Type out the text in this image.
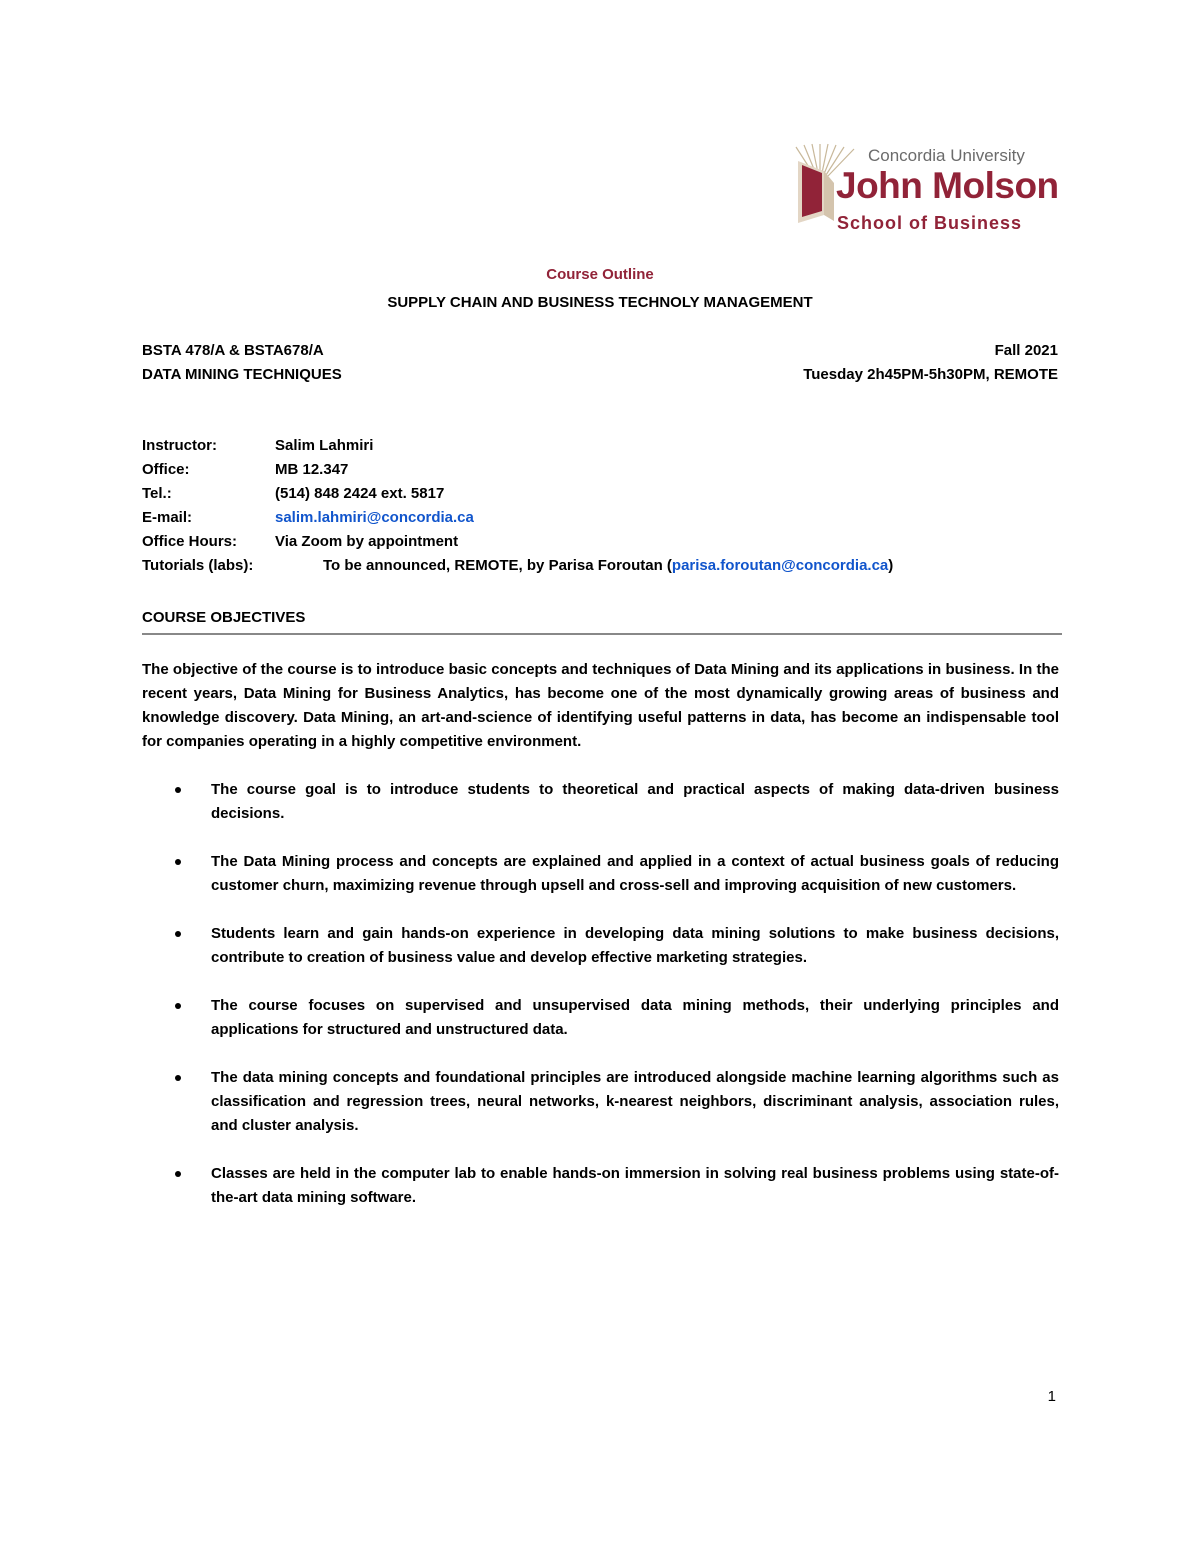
Concordia University
John Molson
School of Business
Course Outline
SUPPLY CHAIN AND BUSINESS TECHNOLY MANAGEMENT
BSTA 478/A & BSTA678/A	Fall 2021
DATA MINING TECHNIQUES	Tuesday 2h45PM-5h30PM, REMOTE
Instructor:	Salim Lahmiri
Office:	MB 12.347
Tel.:	(514) 848 2424 ext. 5817
E-mail:	salim.lahmiri@concordia.ca
Office Hours:	Via Zoom by appointment
Tutorials (labs):	To be announced, REMOTE, by Parisa Foroutan (parisa.foroutan@concordia.ca)
COURSE OBJECTIVES
The objective of the course is to introduce basic concepts and techniques of Data Mining and its applications in business. In the recent years, Data Mining for Business Analytics, has become one of the most dynamically growing areas of business and knowledge discovery. Data Mining, an art-and-science of identifying useful patterns in data, has become an indispensable tool for companies operating in a highly competitive environment.
The course goal is to introduce students to theoretical and practical aspects of making data-driven business decisions.
The Data Mining process and concepts are explained and applied in a context of actual business goals of reducing customer churn, maximizing revenue through upsell and cross-sell and improving acquisition of new customers.
Students learn and gain hands-on experience in developing data mining solutions to make business decisions, contribute to creation of business value and develop effective marketing strategies.
The course focuses on supervised and unsupervised data mining methods, their underlying principles and applications for structured and unstructured data.
The data mining concepts and foundational principles are introduced alongside machine learning algorithms such as classification and regression trees, neural networks, k-nearest neighbors, discriminant analysis, association rules, and cluster analysis.
Classes are held in the computer lab to enable hands-on immersion in solving real business problems using state-of-the-art data mining software.
1
